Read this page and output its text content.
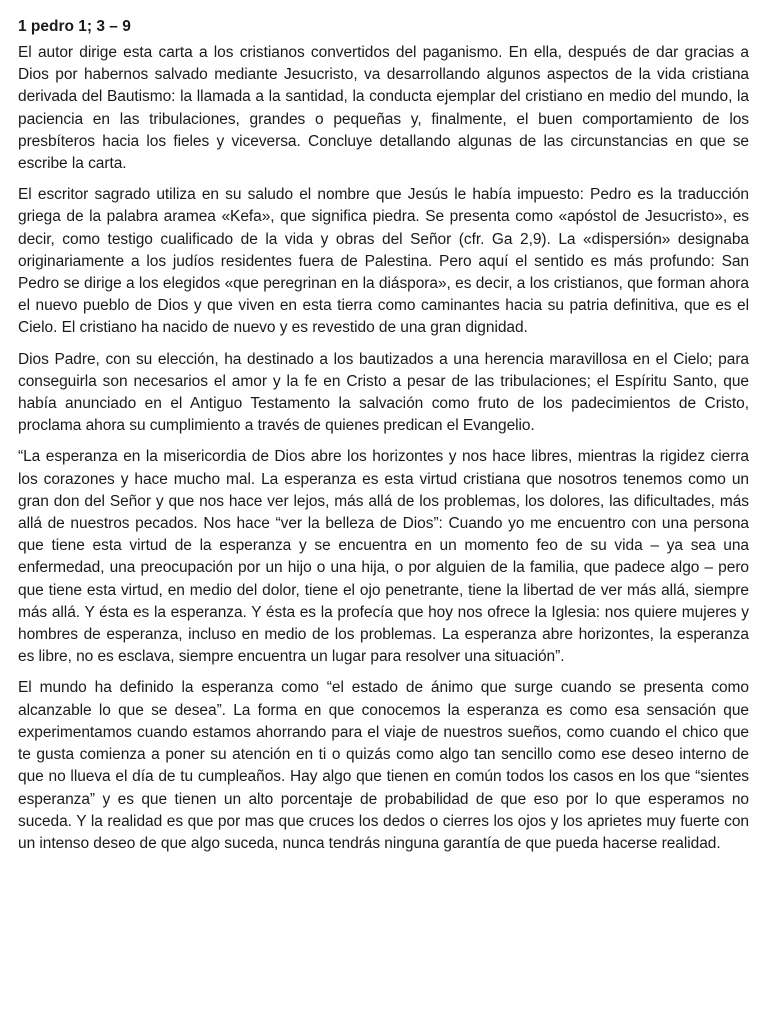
1 pedro 1; 3 – 9

El autor dirige esta carta a los cristianos convertidos del paganismo. En ella, después de dar gracias a Dios por habernos salvado mediante Jesucristo, va desarrollando algunos aspectos de la vida cristiana derivada del Bautismo: la llamada a la santidad, la conducta ejemplar del cristiano en medio del mundo, la paciencia en las tribulaciones, grandes o pequeñas y, finalmente, el buen comportamiento de los presbíteros hacia los fieles y viceversa. Concluye detallando algunas de las circunstancias en que se escribe la carta.

El escritor sagrado utiliza en su saludo el nombre que Jesús le había impuesto: Pedro es la traducción griega de la palabra aramea «Kefa», que significa piedra. Se presenta como «apóstol de Jesucristo», es decir, como testigo cualificado de la vida y obras del Señor (cfr. Ga 2,9). La «dispersión» designaba originariamente a los judíos residentes fuera de Palestina. Pero aquí el sentido es más profundo: San Pedro se dirige a los elegidos «que peregrinan en la diáspora», es decir, a los cristianos, que forman ahora el nuevo pueblo de Dios y que viven en esta tierra como caminantes hacia su patria definitiva, que es el Cielo. El cristiano ha nacido de nuevo y es revestido de una gran dignidad.

Dios Padre, con su elección, ha destinado a los bautizados a una herencia maravillosa en el Cielo; para conseguirla son necesarios el amor y la fe en Cristo a pesar de las tribulaciones; el Espíritu Santo, que había anunciado en el Antiguo Testamento la salvación como fruto de los padecimientos de Cristo, proclama ahora su cumplimiento a través de quienes predican el Evangelio.

“La esperanza en la misericordia de Dios abre los horizontes y nos hace libres, mientras la rigidez cierra los corazones y hace mucho mal. La esperanza es esta virtud cristiana que nosotros tenemos como un gran don del Señor y que nos hace ver lejos, más allá de los problemas, los dolores, las dificultades, más allá de nuestros pecados. Nos hace “ver la belleza de Dios”: Cuando yo me encuentro con una persona que tiene esta virtud de la esperanza y se encuentra en un momento feo de su vida – ya sea una enfermedad, una preocupación por un hijo o una hija, o por alguien de la familia, que padece algo – pero que tiene esta virtud, en medio del dolor, tiene el ojo penetrante, tiene la libertad de ver más allá, siempre más allá. Y ésta es la esperanza. Y ésta es la profecía que hoy nos ofrece la Iglesia: nos quiere mujeres y hombres de esperanza, incluso en medio de los problemas. La esperanza abre horizontes, la esperanza es libre, no es esclava, siempre encuentra un lugar para resolver una situación”.

El mundo ha definido la esperanza como “el estado de ánimo que surge cuando se presenta como alcanzable lo que se desea”. La forma en que conocemos la esperanza es como esa sensación que experimentamos cuando estamos ahorrando para el viaje de nuestros sueños, como cuando el chico que te gusta comienza a poner su atención en ti o quizás como algo tan sencillo como ese deseo interno de que no llueva el día de tu cumpleaños. Hay algo que tienen en común todos los casos en los que “sientes esperanza” y es que tienen un alto porcentaje de probabilidad de que eso por lo que esperamos no suceda. Y la realidad es que por mas que cruces los dedos o cierres los ojos y los aprietes muy fuerte con un intenso deseo de que algo suceda, nunca tendrás ninguna garantía de que pueda hacerse realidad.
